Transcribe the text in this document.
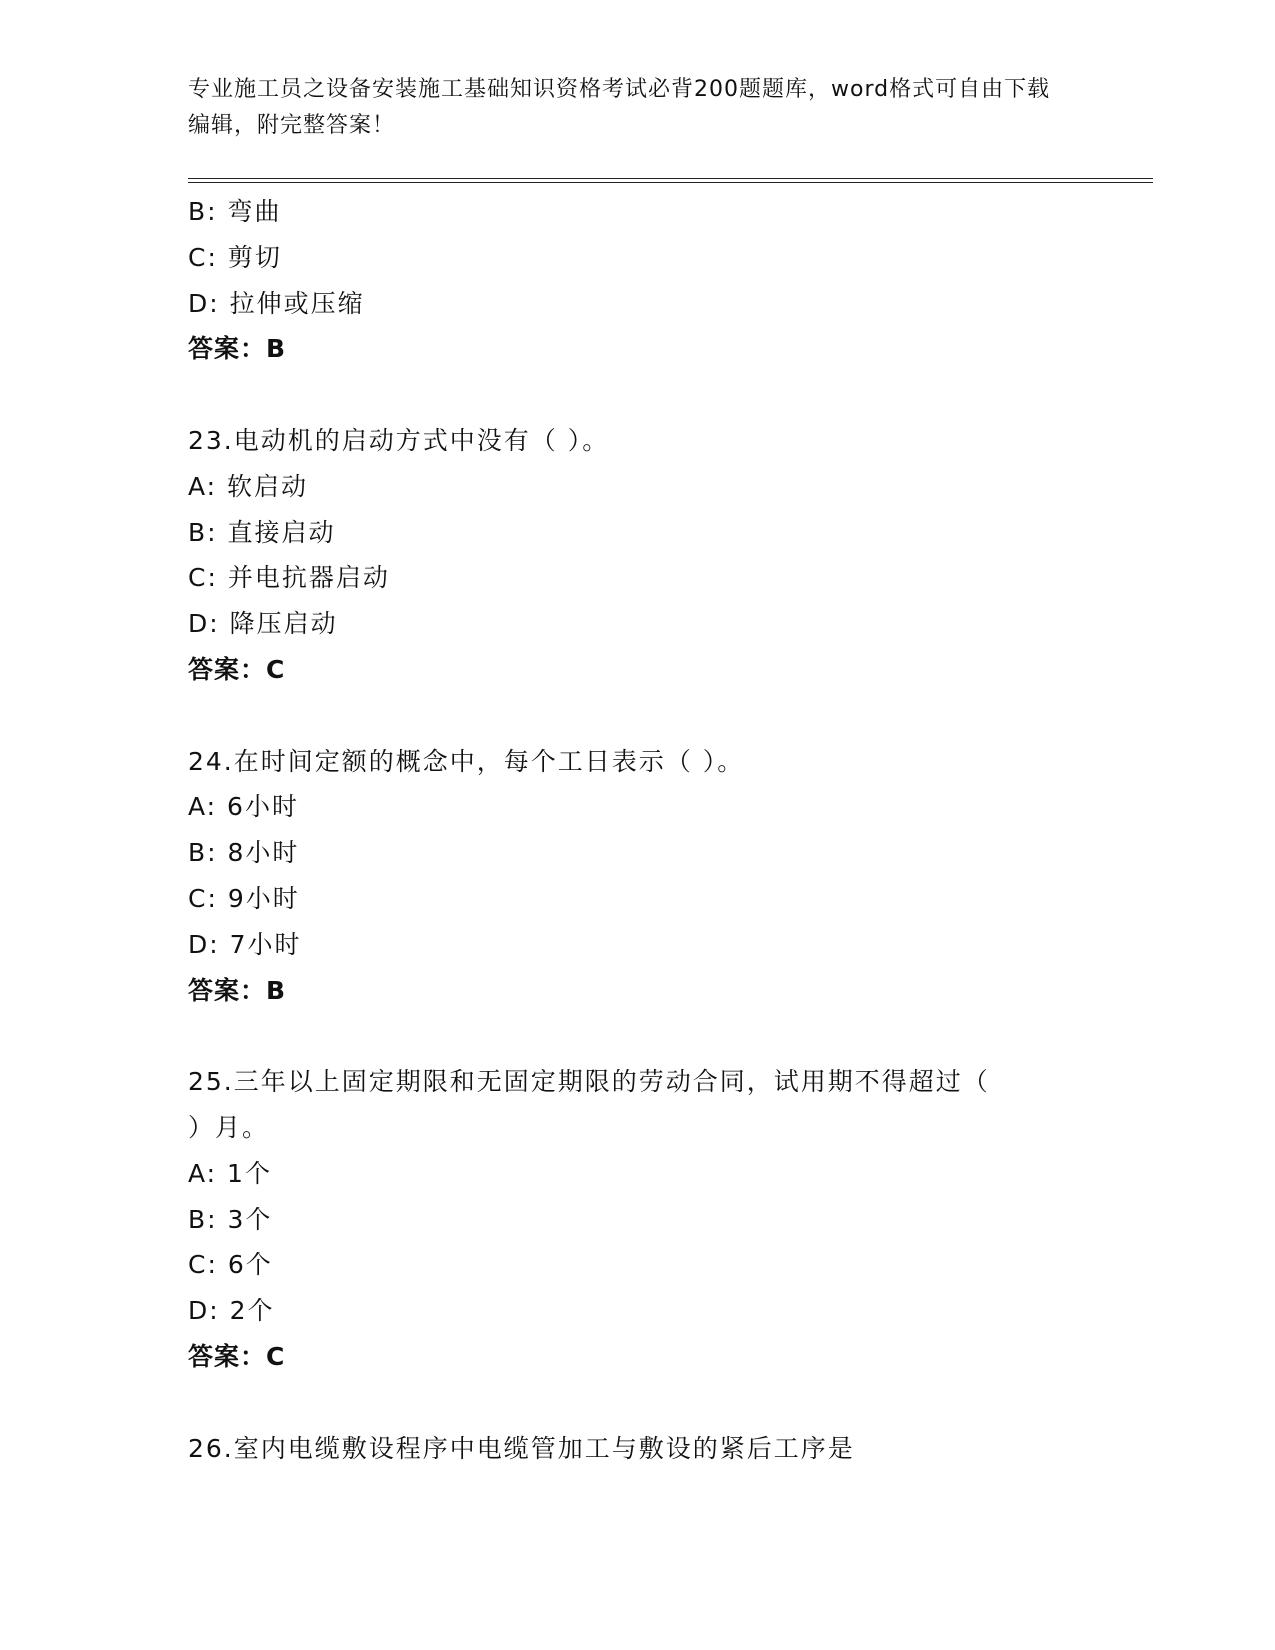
专业施工员之设备安装施工基础知识资格考试必背200题题库，word格式可自由下载编辑，附完整答案！
B: 弯曲
C: 剪切
D: 拉伸或压缩
答案：B
23.电动机的启动方式中没有（ ）。
A: 软启动
B: 直接启动
C: 并电抗器启动
D: 降压启动
答案：C
24.在时间定额的概念中，每个工日表示（ ）。
A: 6小时
B: 8小时
C: 9小时
D: 7小时
答案：B
25.三年以上固定期限和无固定期限的劳动合同，试用期不得超过（
）月。
A: 1个
B: 3个
C: 6个
D: 2个
答案：C
26.室内电缆敷设程序中电缆管加工与敷设的紧后工序是
